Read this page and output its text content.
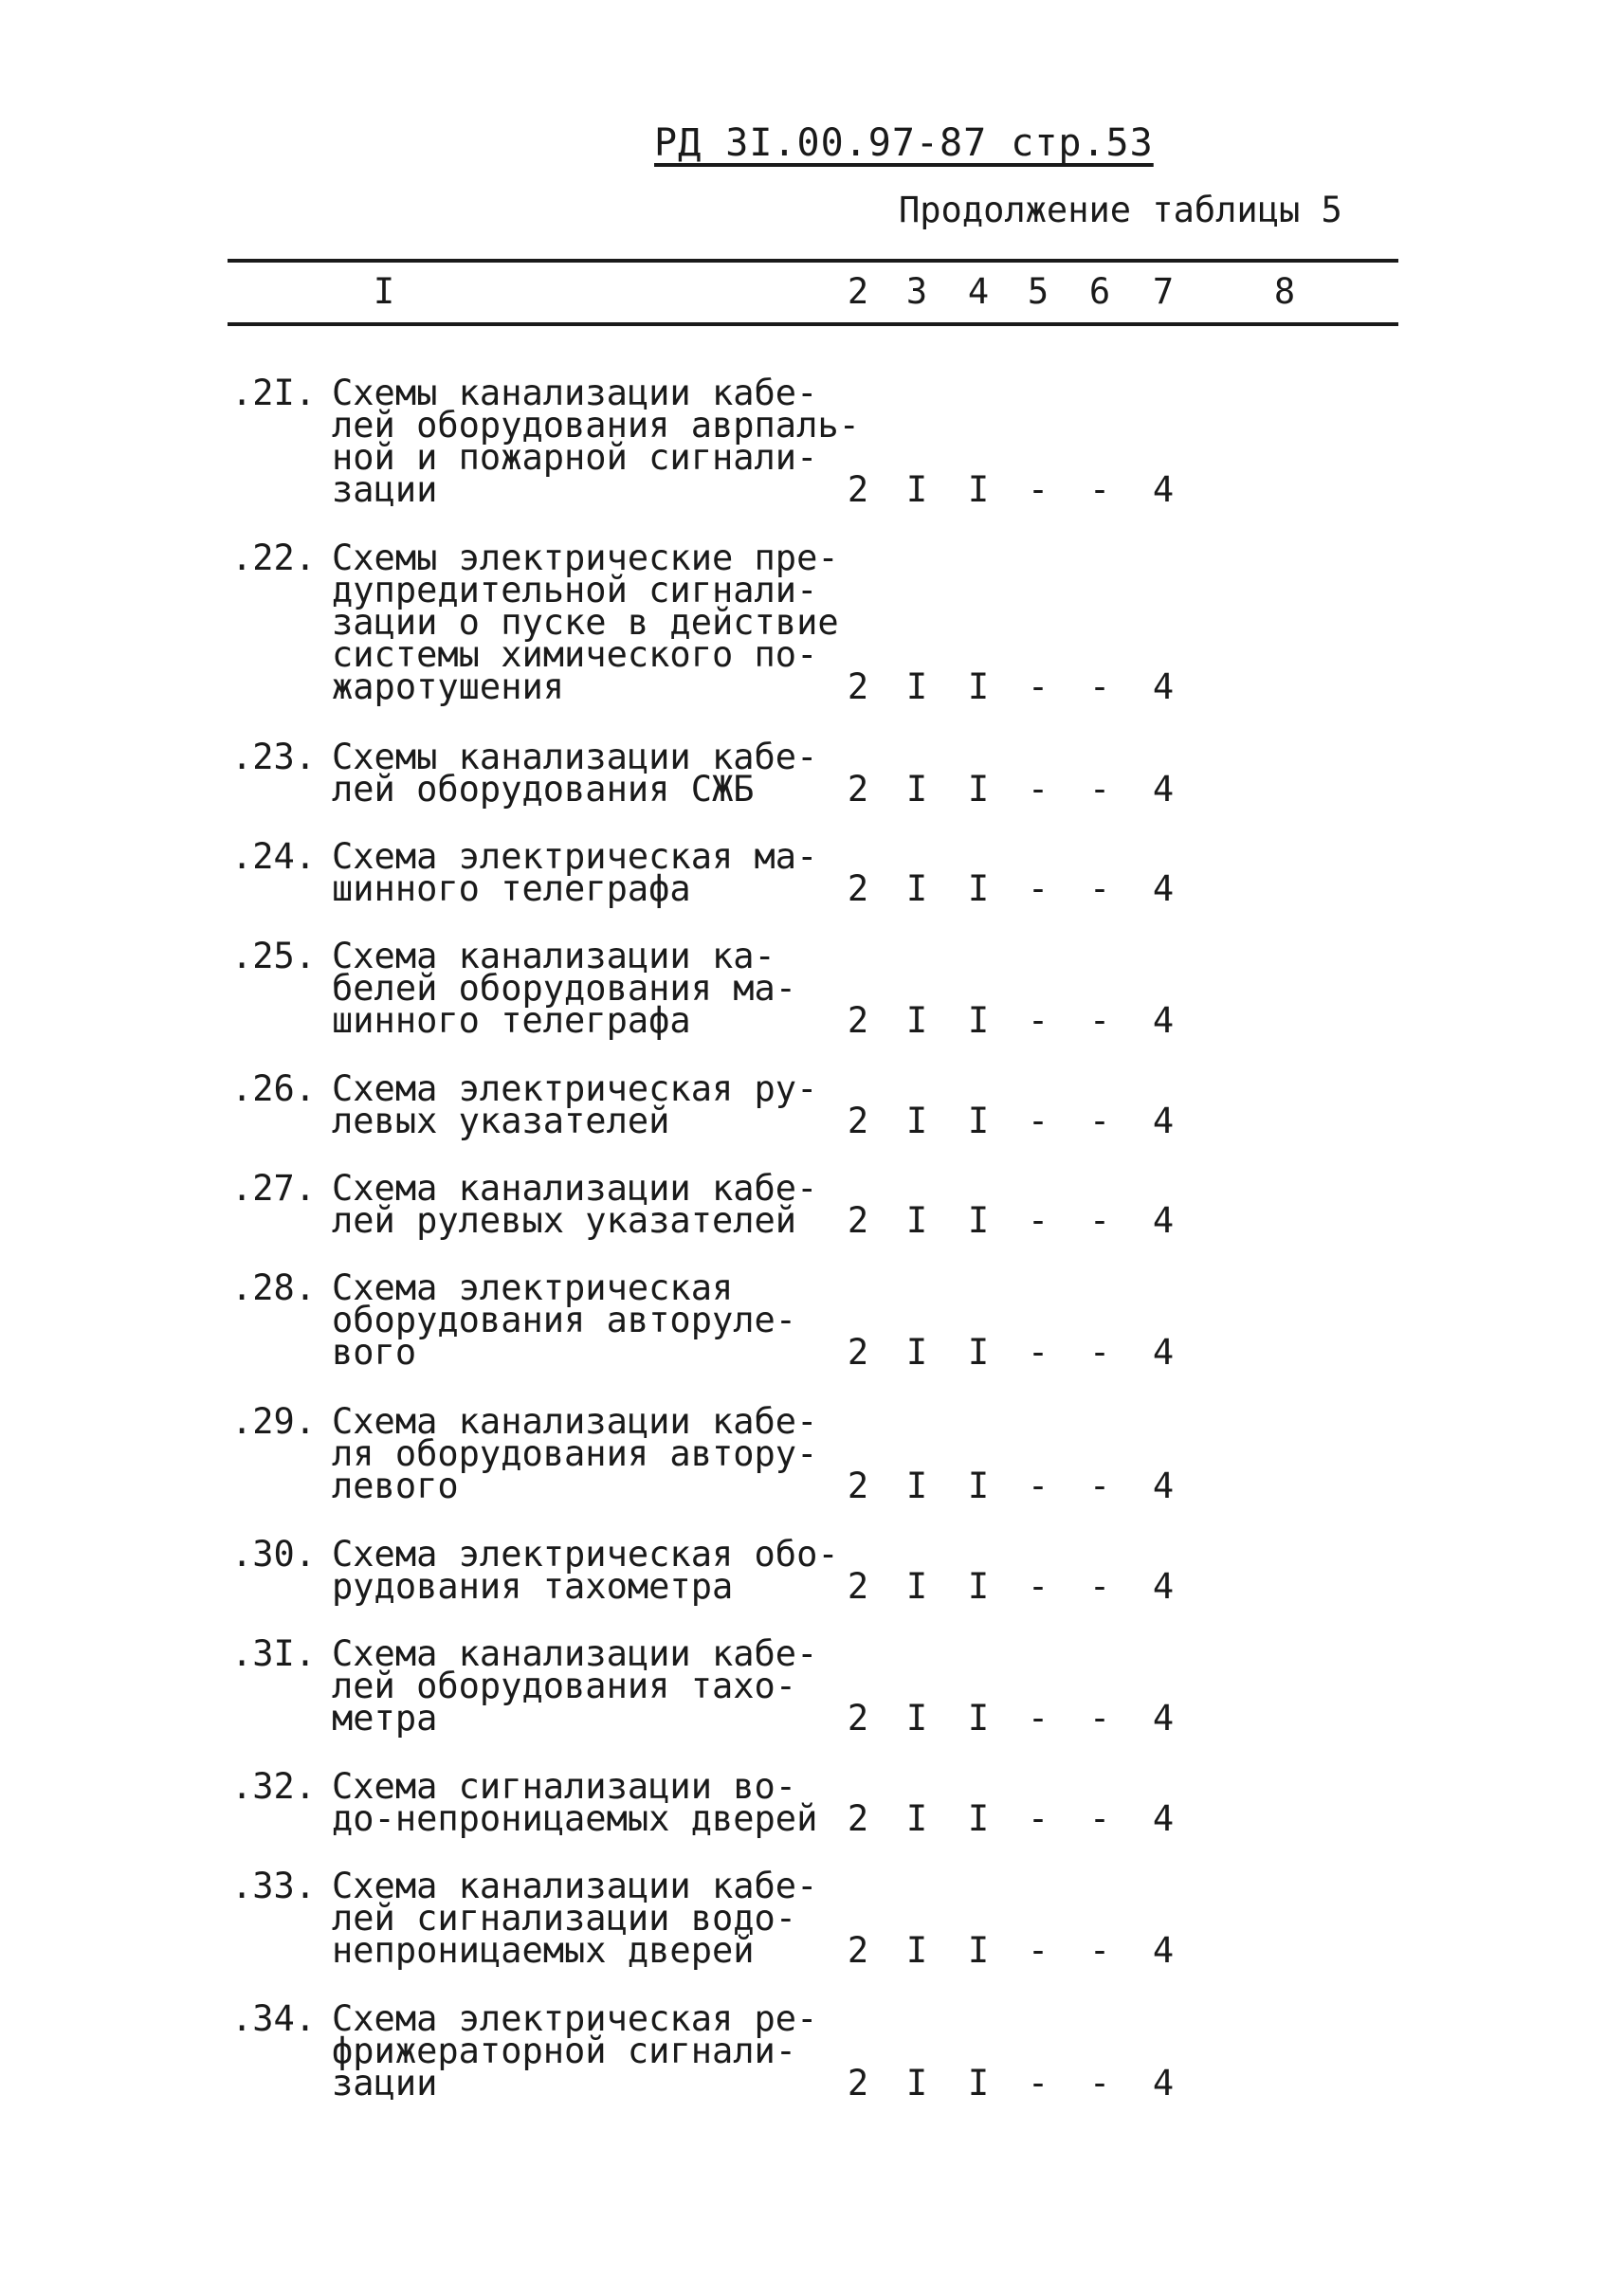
РД 3I.00.97-87 стр.53
Продолжение таблицы 5
I	2 3 4 5 6 7	8
.2I. Схемы канализации кабе-
лей оборудования аврпаль-
ной и пожарной сигнали-
зации	2 I I - - 4
.22. Схемы электрические пре-
дупредительной сигнали-
зации о пуске в действие
системы химического по-
жаротушения	2 I I - - 4
.23. Схемы канализации кабе-
лей оборудования СЖБ	2 I I - - 4
.24. Схема электрическая ма-
шинного телеграфа	2 I I - - 4
.25. Схема канализации ка-
белей оборудования ма-
шинного телеграфа	2 I I - - 4
.26. Схема электрическая ру-
левых указателей	2 I I - - 4
.27. Схема канализации кабе-
лей рулевых указателей	2 I I - - 4
.28. Схема электрическая
оборудования авторуле-
вого	2 I I - - 4
.29. Схема канализации кабе-
ля оборудования автору-
левого	2 I I - - 4
.30. Схема электрическая обо-
рудования тахометра	2 I I - - 4
.3I. Схема канализации кабе-
лей оборудования тахо-
метра	2 I I - - 4
.32. Схема сигнализации во-
до-непроницаемых дверей 2 I I - - 4
.33. Схема канализации кабе-
лей сигнализации водо-
непроницаемых дверей	2 I I - - 4
.34. Схема электрическая ре-
фрижераторной сигнали-
зации	2 I I - - 4
